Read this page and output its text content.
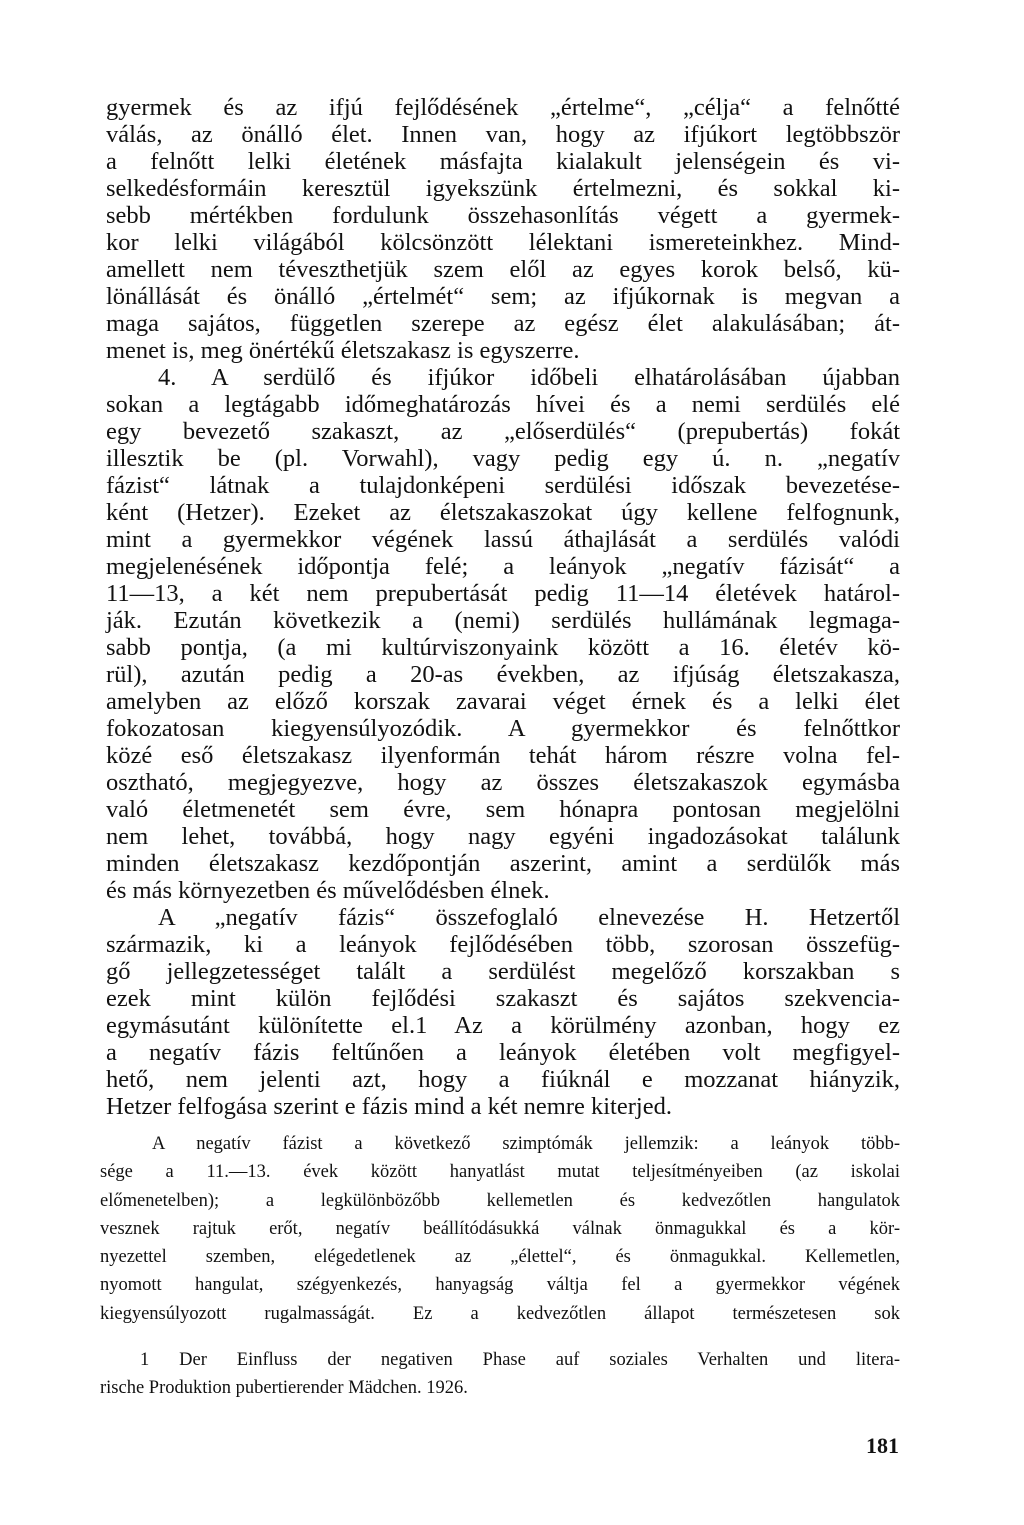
gyermek és az ifjú fejlődésének „értelme“, „célja“ a felnőtté
válás, az önálló élet. Innen van, hogy az ifjúkort legtöbbször
a felnőtt lelki életének másfajta kialakult jelenségein és vi-
selkedésformáin keresztül igyekszünk értelmezni, és sokkal ki-
sebb mértékben fordulunk összehasonlítás végett a gyermek-
kor lelki világából kölcsönzött lélektani ismereteinkhez. Mind-
amellett nem téveszthetjük szem elől az egyes korok belső, kü-
lönállását és önálló „értelmét“ sem; az ifjúkornak is megvan a
maga sajátos, független szerepe az egész élet alakulásában; át-
menet is, meg önértékű életszakasz is egyszerre.
4. A serdülő és ifjúkor időbeli elhatárolásában újabban
sokan a legtágabb időmeghatározás hívei és a nemi serdülés elé
egy bevezető szakaszt, az „előserdülés“ (prepubertás) fokát
illesztik be (pl. Vorwahl), vagy pedig egy ú. n. „negatív
fázist“ látnak a tulajdonképeni serdülési időszak bevezetése-
ként (Hetzer). Ezeket az életszakaszokat úgy kellene felfognunk,
mint a gyermekkor végének lassú áthajlását a serdülés valódi
megjelenésének időpontja felé; a leányok „negatív fázisát“ a
11—13, a két nem prepubertását pedig 11—14 életévek határol-
ják. Ezután következik a (nemi) serdülés hullámának legmaga-
sabb pontja, (a mi kultúrviszonyaink között a 16. életév kö-
rül), azután pedig a 20-as években, az ifjúság életszakasza,
amelyben az előző korszak zavarai véget érnek és a lelki élet
fokozatosan kiegyensúlyozódik. A gyermekkor és felnőttkor
közé eső életszakasz ilyenformán tehát három részre volna fel-
osztható, megjegyezve, hogy az összes életszakaszok egymásba
való életmenetét sem évre, sem hónapra pontosan megjelölni
nem lehet, továbbá, hogy nagy egyéni ingadozásokat találunk
minden életszakasz kezdőpontján aszerint, amint a serdülők más
és más környezetben és művelődésben élnek.
A „negatív fázis“ összefoglaló elnevezése H. Hetzertől
származik, ki a leányok fejlődésében több, szorosan összefüg-
gő jellegzetességet talált a serdülést megelőző korszakban s
ezek mint külön fejlődési szakaszt és sajátos szekvencia-
egymásutánt különítette el.1 Az a körülmény azonban, hogy ez
a negatív fázis feltűnően a leányok életében volt megfigyel-
hető, nem jelenti azt, hogy a fiúknál e mozzanat hiányzik,
Hetzer felfogása szerint e fázis mind a két nemre kiterjed.
A negatív fázist a következő szimptómák jellemzik: a leányok több-
sége a 11.—13. évek között hanyatlást mutat teljesítményeiben (az iskolai
előmenetelben); a legkülönbözőbb kellemetlen és kedvezőtlen hangulatok
vesznek rajtuk erőt, negatív beállítódásukká válnak önmagukkal és a kör-
nyezettel szemben, elégedetlenek az „élettel“, és önmagukkal. Kellemetlen,
nyomott hangulat, szégyenkezés, hanyagság váltja fel a gyermekkor végének
kiegyensúlyozott rugalmasságát. Ez a kedvezőtlen állapot természetesen sok
1 Der Einfluss der negativen Phase auf soziales Verhalten und litera-
rische Produktion pubertierender Mädchen. 1926.
181
